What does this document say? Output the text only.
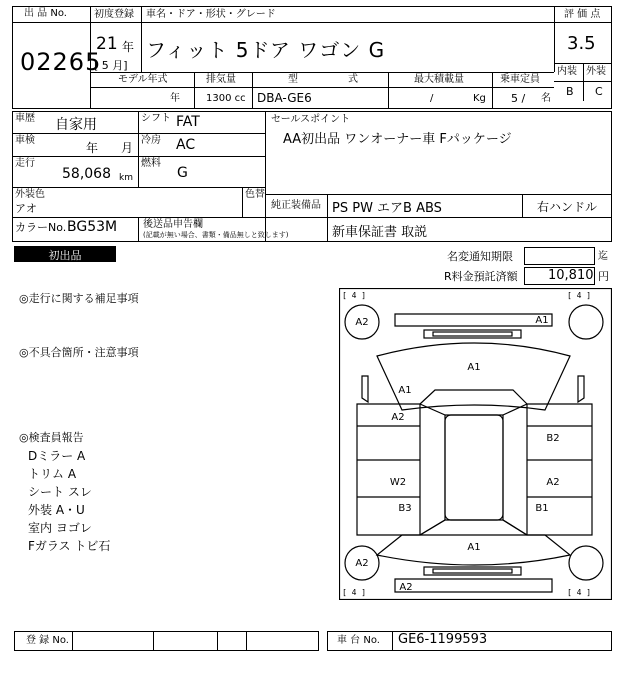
出 品 No.
02265
初度登録 車名・ドア・形状・グレード
21 年
[ 5 月]
フィット 5ドア ワゴン G
評 価 点
3.5
内装 外装
B C
モデル年式
年
排気量
1300 cc
型	式
DBA-GE6
最大積載量
/	Kg
乗車定員
5 / 名
車歴 自家用	シフト FAT
車検
年 月
冷房 AC
走行
58,068 km
燃料
G
外装色
アオ
色替
カラーNo. BG53M	後送品申告欄
(記載が無い場合、書類・備品無しと致します)
セールスポイント
AA初出品 ワンオーナー車 Fパッケージ
純正装備品 PS PW エアB ABS	右ハンドル
新車保証書 取説
初出品	名変通知期限	迄
R料金預託済額 10,810 円
◎走行に関する補足事項
◎不具合箇所・注意事項
◎検査員報告
Dミラー A
トリム A
シート スレ
外装 A・U
室内 ヨゴレ
Fガラス トビ石
[ 4 ]	[ 4 ]
[ 4 ]	[ 4 ]
A2	A1
A1
A1
A2
W2
B3
B2
A2
B1
A1
A2
A2
登 録 No.	車 台 No. GE6-1199593
